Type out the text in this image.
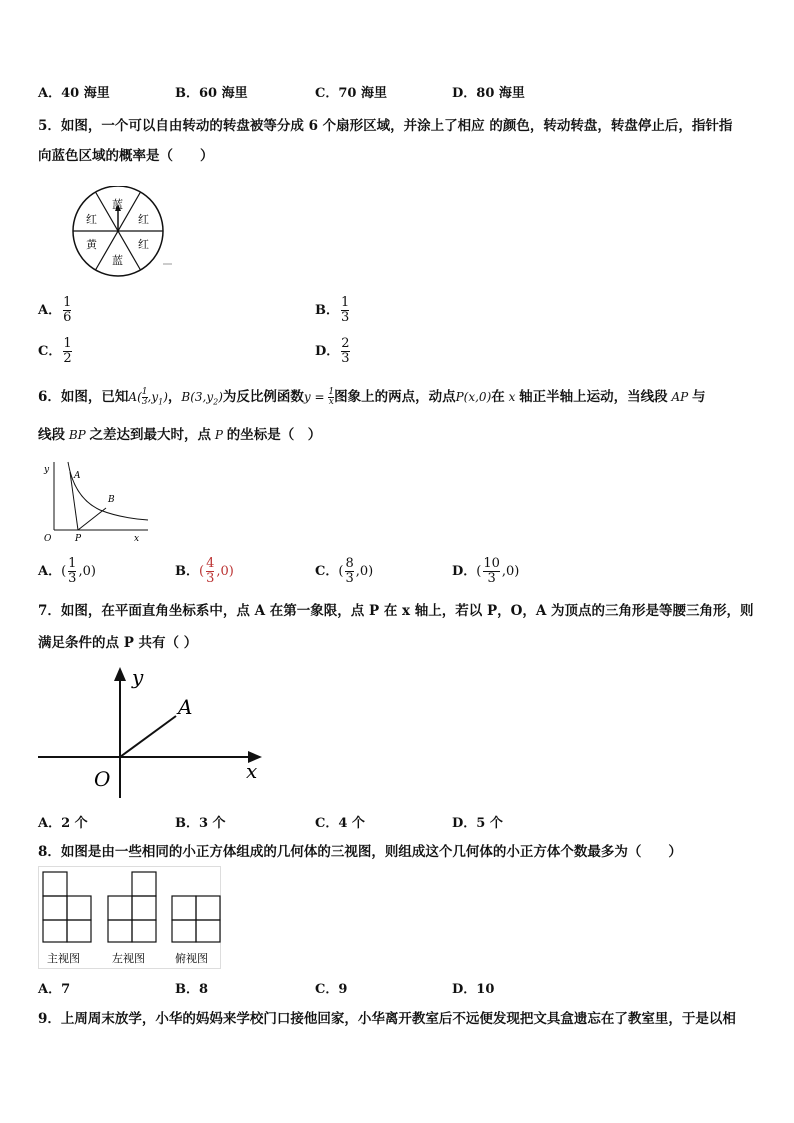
A．40 海里	B．60 海里	C．70 海里	D．80 海里
5．如图，一个可以自由转动的转盘被等分成 6 个扇形区域，并涂上了相应 的颜色，转动转盘，转盘停止后，指针指
向蓝色区域的概率是（　　）
蓝
红
红
蓝
黄
红
A． $\frac{1}{6}$	B． $\frac{1}{3}$
C． $\frac{1}{2}$	D． $\frac{2}{3}$
6．如图，已知$A( \frac{1}{3} ,y_1)$，$B(3,y_2)$为反比例函数$y = \frac{1}{x}$ 图象上的两点，动点P(x,0)在 x 轴正半轴上运动，当线段 AP 与
线段 BP 之差达到最大时，点 P 的坐标是（　）
y
x
O
A
B
P
A．( $\frac{1}{3} ,0$)	B．( $\frac{4}{3} ,0$)	C．( $\frac{8}{3} ,0$)	D．( $\frac{10}{3} ,0$)
7．如图，在平面直角坐标系中，点 A 在第一象限，点 P 在 x 轴上，若以 P，O，A 为顶点的三角形是等腰三角形，则
满足条件的点 P 共有（ ）
y
x
O
A
A．2 个	B．3 个	C．4 个	D．5 个
8．如图是由一些相同的小正方体组成的几何体的三视图，则组成这个几何体的小正方体个数最多为（　　）
主视图	左视图	俯视图
A．7	B．8	C．9	D．10
9．上周周末放学，小华的妈妈来学校门口接他回家，小华离开教室后不远便发现把文具盒遗忘在了教室里，于是以相
